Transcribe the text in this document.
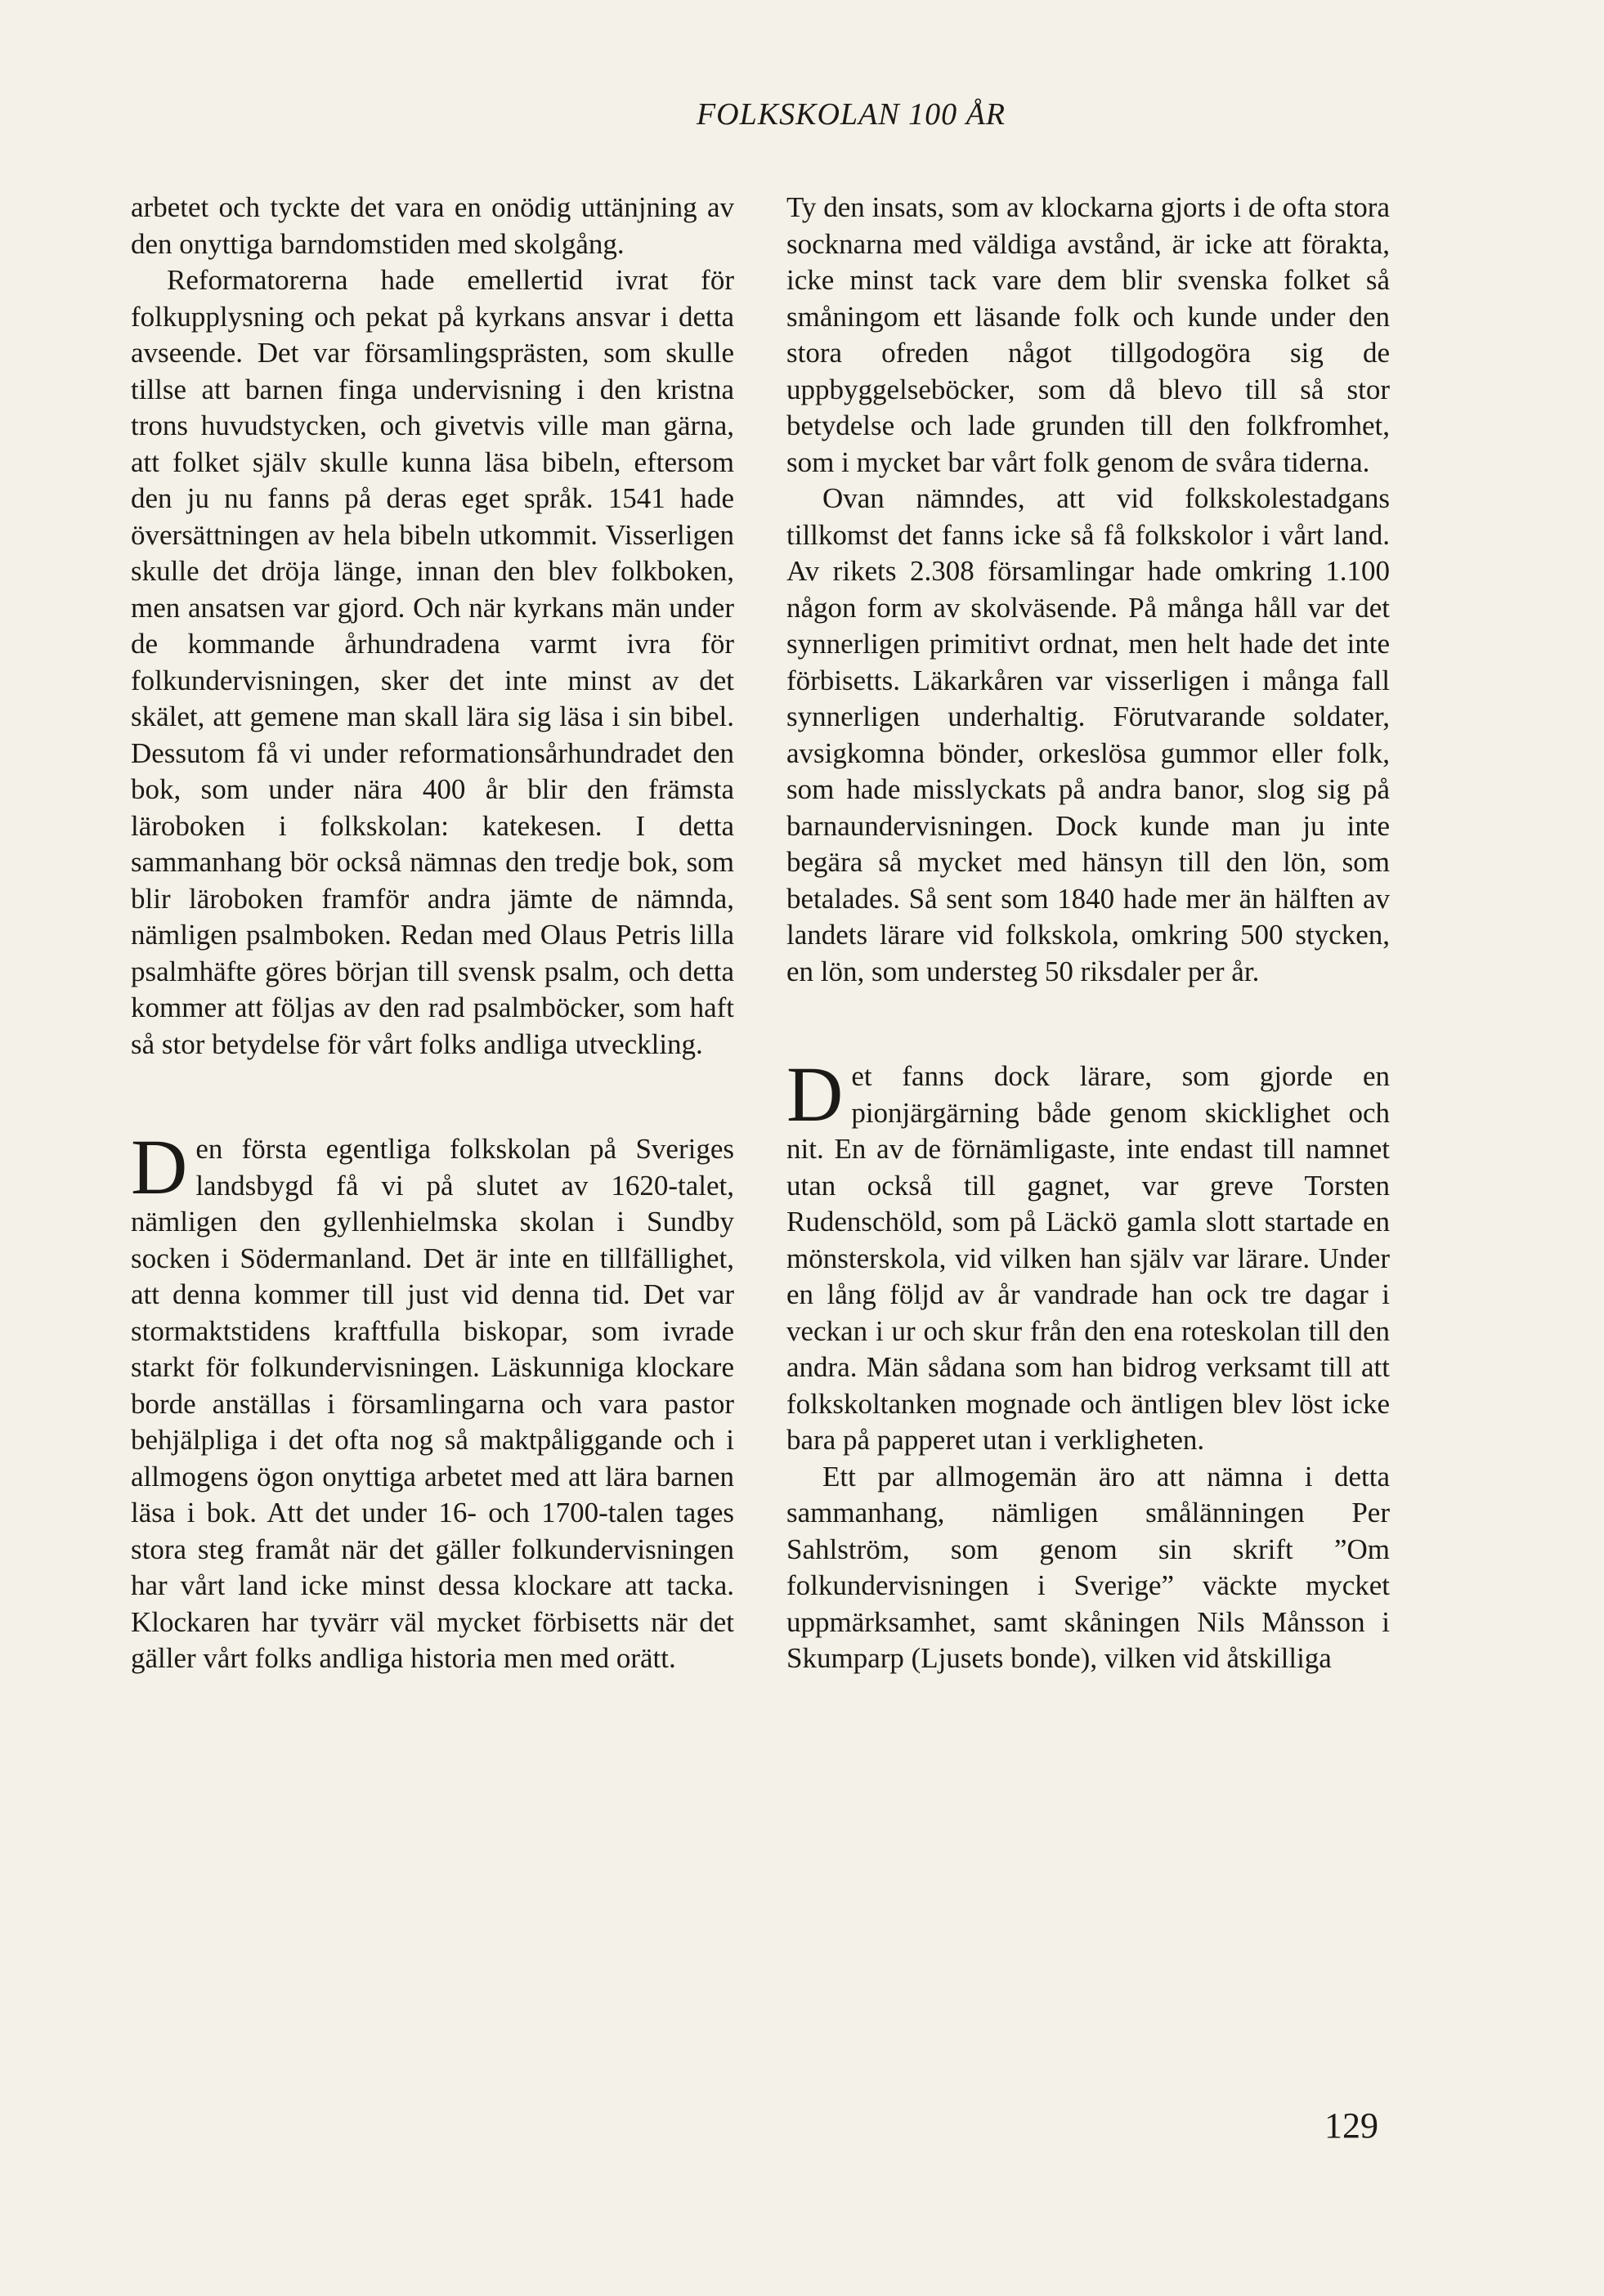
FOLKSKOLAN 100 ÅR

arbetet och tyckte det vara en onödig uttänjning av den onyttiga barndomstiden med skolgång.

Reformatorerna hade emellertid ivrat för folkupplysning och pekat på kyrkans ansvar i detta avseende. Det var församlingsprästen, som skulle tillse att barnen finga undervisning i den kristna trons huvudstycken, och givetvis ville man gärna, att folket själv skulle kunna läsa bibeln, eftersom den ju nu fanns på deras eget språk. 1541 hade översättningen av hela bibeln utkommit. Visserligen skulle det dröja länge, innan den blev folkboken, men ansatsen var gjord. Och när kyrkans män under de kommande århundradena varmt ivra för folkundervisningen, sker det inte minst av det skälet, att gemene man skall lära sig läsa i sin bibel. Dessutom få vi under reformationsårhundradet den bok, som under nära 400 år blir den främsta läroboken i folkskolan: katekesen. I detta sammanhang bör också nämnas den tredje bok, som blir läroboken framför andra jämte de nämnda, nämligen psalmboken. Redan med Olaus Petris lilla psalmhäfte göres början till svensk psalm, och detta kommer att följas av den rad psalmböcker, som haft så stor betydelse för vårt folks andliga utveckling.

Den första egentliga folkskolan på Sveriges landsbygd få vi på slutet av 1620-talet, nämligen den gyllenhielmska skolan i Sundby socken i Södermanland. Det är inte en tillfällighet, att denna kommer till just vid denna tid. Det var stormaktstidens kraftfulla biskopar, som ivrade starkt för folkundervisningen. Läskunniga klockare borde anställas i församlingarna och vara pastor behjälpliga i det ofta nog så maktpåliggande och i allmogens ögon onyttiga arbetet med att lära barnen läsa i bok. Att det under 16- och 1700-talen tages stora steg framåt när det gäller folkundervisningen har vårt land icke minst dessa klockare att tacka. Klockaren har tyvärr väl mycket förbisetts när det gäller vårt folks andliga historia men med orätt.

Ty den insats, som av klockarna gjorts i de ofta stora socknarna med väldiga avstånd, är icke att förakta, icke minst tack vare dem blir svenska folket så småningom ett läsande folk och kunde under den stora ofreden något tillgodogöra sig de uppbyggelseböcker, som då blevo till så stor betydelse och lade grunden till den folkfromhet, som i mycket bar vårt folk genom de svåra tiderna.

Ovan nämndes, att vid folkskolestadgans tillkomst det fanns icke så få folkskolor i vårt land. Av rikets 2.308 församlingar hade omkring 1.100 någon form av skolväsende. På många håll var det synnerligen primitivt ordnat, men helt hade det inte förbisetts. Läkarkåren var visserligen i många fall synnerligen underhaltig. Förutvarande soldater, avsigkomna bönder, orkeslösa gummor eller folk, som hade misslyckats på andra banor, slog sig på barnaundervisningen. Dock kunde man ju inte begära så mycket med hänsyn till den lön, som betalades. Så sent som 1840 hade mer än hälften av landets lärare vid folkskola, omkring 500 stycken, en lön, som understeg 50 riksdaler per år.

Det fanns dock lärare, som gjorde en pionjärgärning både genom skicklighet och nit. En av de förnämligaste, inte endast till namnet utan också till gagnet, var greve Torsten Rudenschöld, som på Läckö gamla slott startade en mönsterskola, vid vilken han själv var lärare. Under en lång följd av år vandrade han ock tre dagar i veckan i ur och skur från den ena roteskolan till den andra. Män sådana som han bidrog verksamt till att folkskoltanken mognade och äntligen blev löst icke bara på papperet utan i verkligheten.

Ett par allmogemän äro att nämna i detta sammanhang, nämligen smålänningen Per Sahlström, som genom sin skrift ”Om folkundervisningen i Sverige” väckte mycket uppmärksamhet, samt skåningen Nils Månsson i Skumparp (Ljusets bonde), vilken vid åtskilliga

129
